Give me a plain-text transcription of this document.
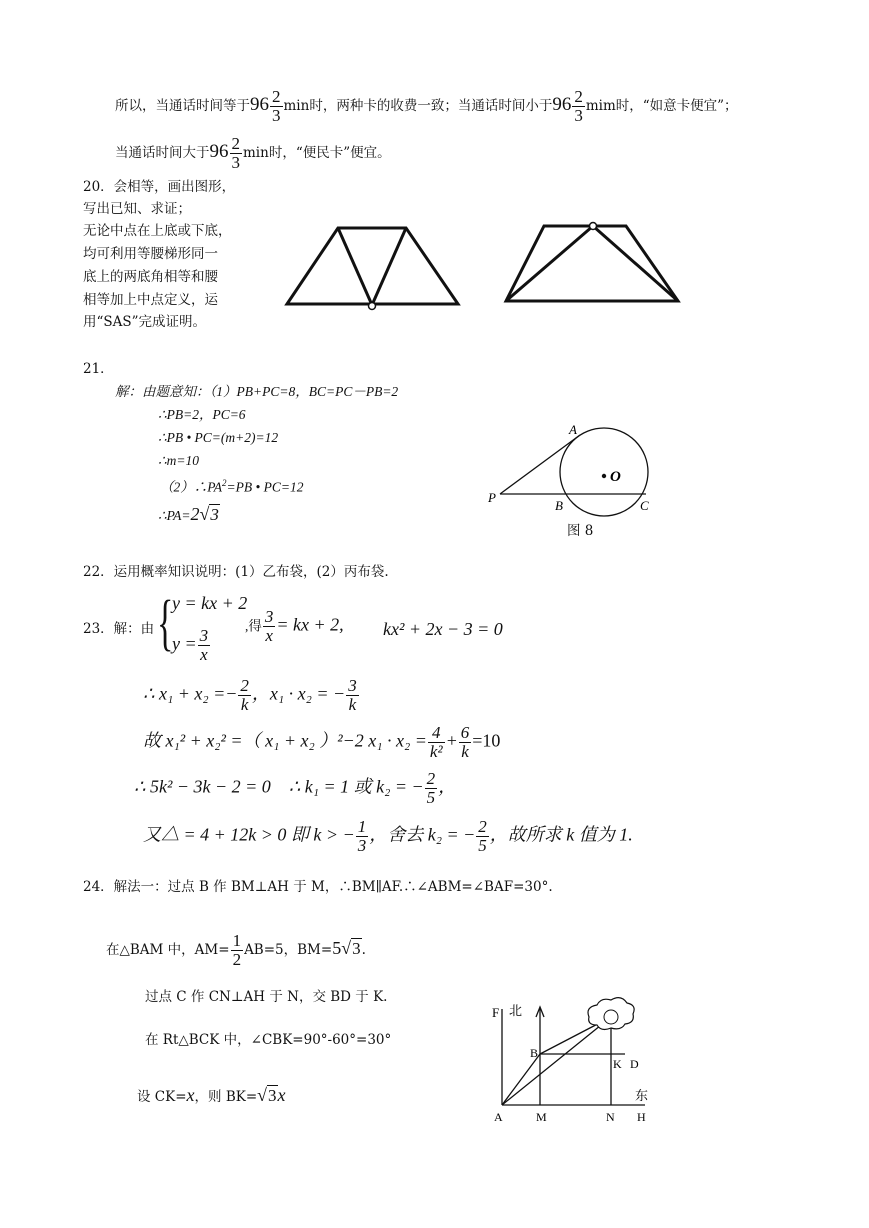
所以，当通话时间等于$96 \frac{2}{3}$ min时，两种卡的收费一致；当通话时间小于$96 \frac{2}{3}$ mim时，“如意卡便宜”；
当通话时间大于$96 \frac{2}{3}$ min时，“便民卡”便宜。
20．会相等，画出图形，
写出已知、求证；
无论中点在上底或下底，
均可利用等腰梯形同一
底上的两底角相等和腰
相等加上中点定义，运
用“SAS”完成证明。
21．
解：由题意知：（1）PB+PC=8，BC=PC－PB=2
∴PB=2，PC=6
∴PB • PC=(m+2)=12
∴m=10
$(2)\therefore PA^2=PB$ • PC=12
∴PA=2√3
A
P
B	C
O
图 8
22．运用概率知识说明：(1）乙布袋，(2）丙布袋.
23．解：由 {
y = kx + 2
$y = \frac{3}{x}$
,得 $\frac{3}{x}$ = kx + 2, kx² + 2x − 3 = 0
∴ $x_1 + x_2 =- \frac{2}{k}$ ，x₁ · x₂ = − $\frac{3}{k}$
故 x₁² + x₂² =（ x₁ + x₂ ）²−2 $x_1 \cdot x_2 = \frac{4}{\text{k²}} + \frac{6}{k} =10$
∴ 5k² − 3k − 2 = 0　∴ k₁ = 1 或 k₂ = − $\frac{2}{5}$ ，
又△ = 4 + 12k > 0 即 k > − $\frac{1}{3}$ ，舍去 k₂ = − $\frac{2}{5}$ ，故所求 k 值为 1.
24．解法一：过点 B 作 BM⊥AH 于 M，∴BM∥AF.∴∠ABM=∠BAF=30°.
在△BAM 中，$AM= \frac{1}{2} AB=5$，BM=5√3.
过点 C 作 CN⊥AH 于 N，交 BD 于 K.
在 Rt△BCK 中，∠CBK=90°-60°=30°
设 CK=x，则 BK=√3x
F 北
B
K D
东
A	M	N H
